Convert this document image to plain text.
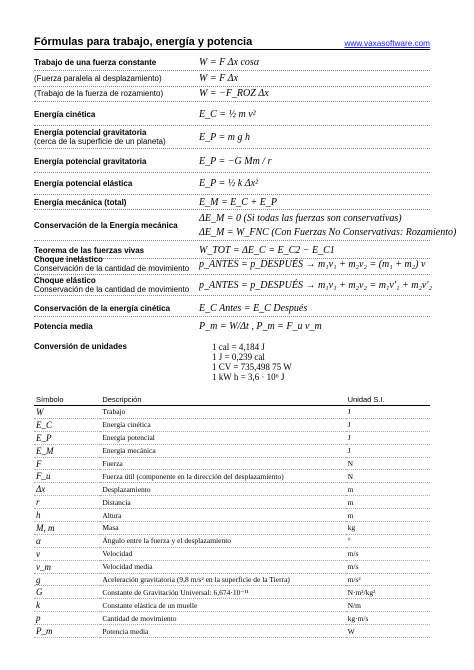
Fórmulas para trabajo, energía y potencia	www.vaxasoftware.com
Trabajo de una fuerza constante	W = F Δx cosα
(Fuerza paralela al desplazamiento)	W = F Δx
(Trabajo de la fuerza de rozamiento)	W = −F_ROZ Δx
Energía cinética	E_C = ½ m v²
Energía potencial gravitatoria
(cerca de la superficie de un planeta)	E_P = m g h
Energía potencial gravitatoria	E_P = −G Mm / r
Energía potencial elástica	E_P = ½ k Δx²
Energía mecánica (total)	E_M = E_C + E_P
Conservación de la Energía mecánica
ΔE_M = 0 (Si todas las fuerzas son conservativas)
ΔE_M = W_FNC (Con Fuerzas No Conservativas: Rozamiento)
Teorema de las fuerzas vivas	W_TOT = ΔE_C = E_C2 − E_C1
Choque inelástico
Conservación de la cantidad de movimiento p_ANTES = p_DESPUÉS → m₁v₁ + m₂v₂ = (m₁ + m₂) v
Choque elástico
Conservación de la cantidad de movimiento p_ANTES = p_DESPUÉS → m₁v₁ + m₂v₂ = m₁v′₁ + m₂v′₂
Conservación de la energía cinética	E_C Antes = E_C Después
Potencia media	P_m = W/Δt , P_m = F_u v_m
Conversión de unidades	1 cal = 4,184 J
1 J = 0,239 cal
1 CV = 735,498 75 W
1 kW h = 3,6 · 10⁶ J
Símbolo	Descripción	Unidad S.I.
W	Trabajo	J
E_C	Energía cinética	J
E_P	Energía potencial	J
E_M	Energía mecánica	J
F	Fuerza	N
F_u	Fuerza útil (componente en la dirección del desplazamiento)	N
Δx	Desplazamiento	m
r	Distancia	m
h	Altura	m
M, m	Masa	kg
α	Ángulo entre la fuerza y el desplazamiento	°
v	Velocidad	m/s
v_m	Velocidad media	m/s
g	Aceleración gravitatoria (9,8 m/s² en la superficie de la Tierra)	m/s²
G	Constante de Gravitación Universal: 6,674·10⁻¹¹	N·m²/kg²
k	Constante elástica de un muelle	N/m
p	Cantidad de movimiento	kg·m/s
P_m	Potencia media	W
